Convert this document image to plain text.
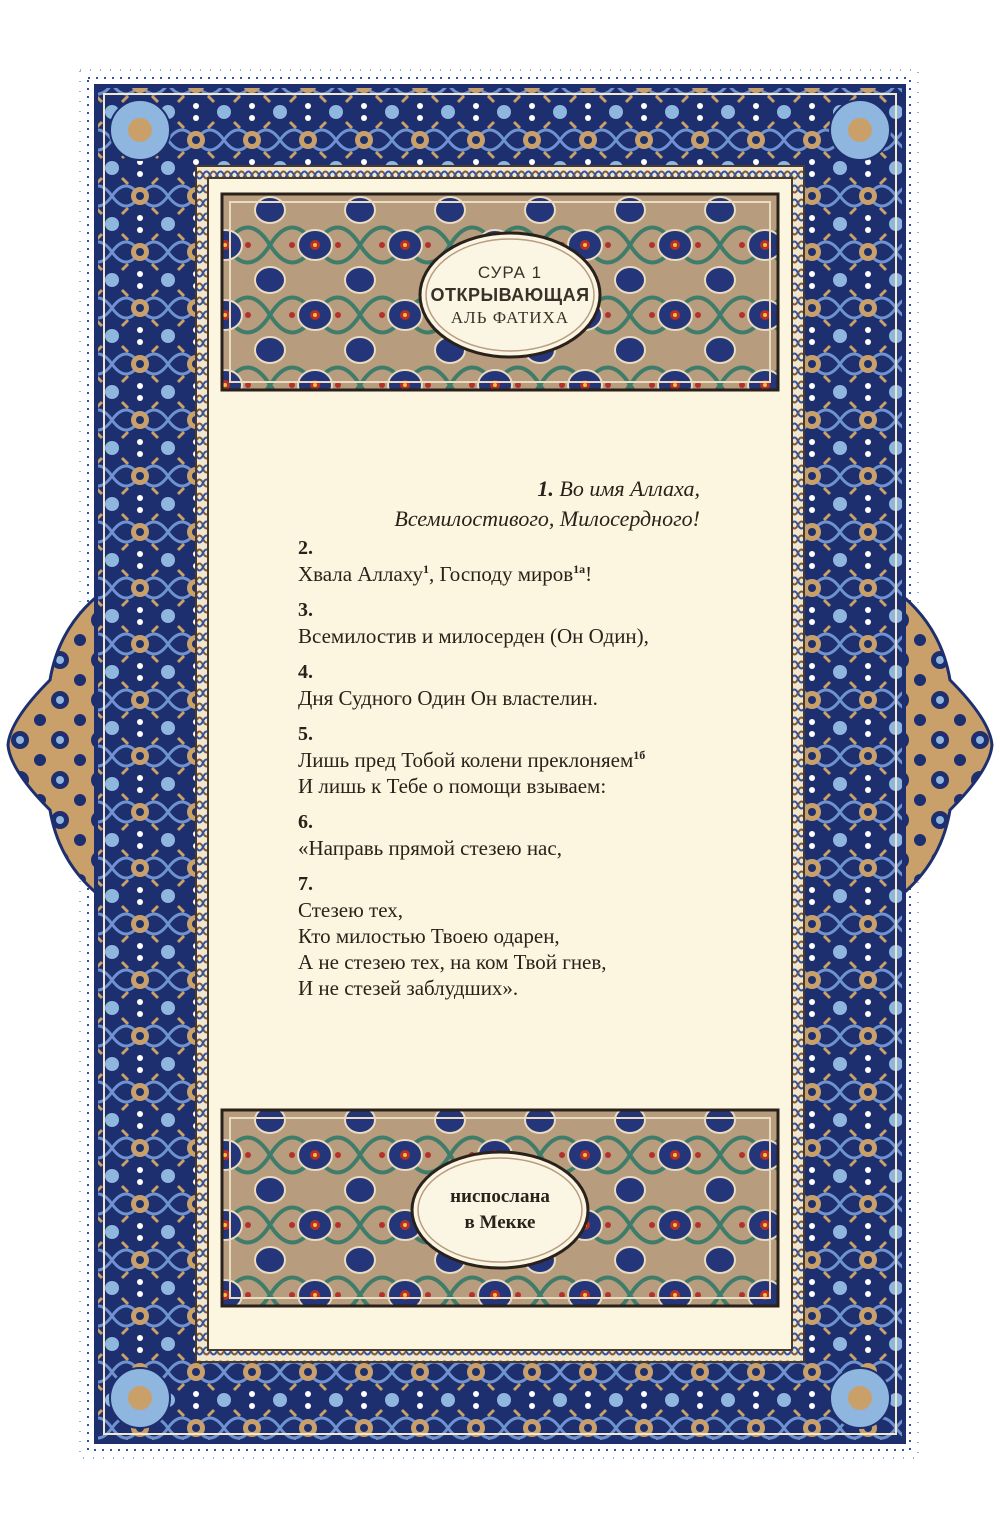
СУРА 1
ОТКРЫВАЮЩАЯ
АЛЬ ФАТИХА
1. Во имя Аллаха,
Всемилостивого, Милосердного!
2.
Хвала Аллаху$^1$, Господу миров$^{1а}$!
3.
Всемилостив и милосерден (Он Один),
4.
Дня Судного Один Он властелин.
5.
Лишь пред Тобой колени преклоняем$^{1б}$
И лишь к Тебе о помощи взываем:
6.
«Направь прямой стезею нас,
7.
Стезею тех,
Кто милостью Твоею одарен,
А не стезею тех, на ком Твой гнев,
И не стезей заблудших».
ниспослана
в Мекке
